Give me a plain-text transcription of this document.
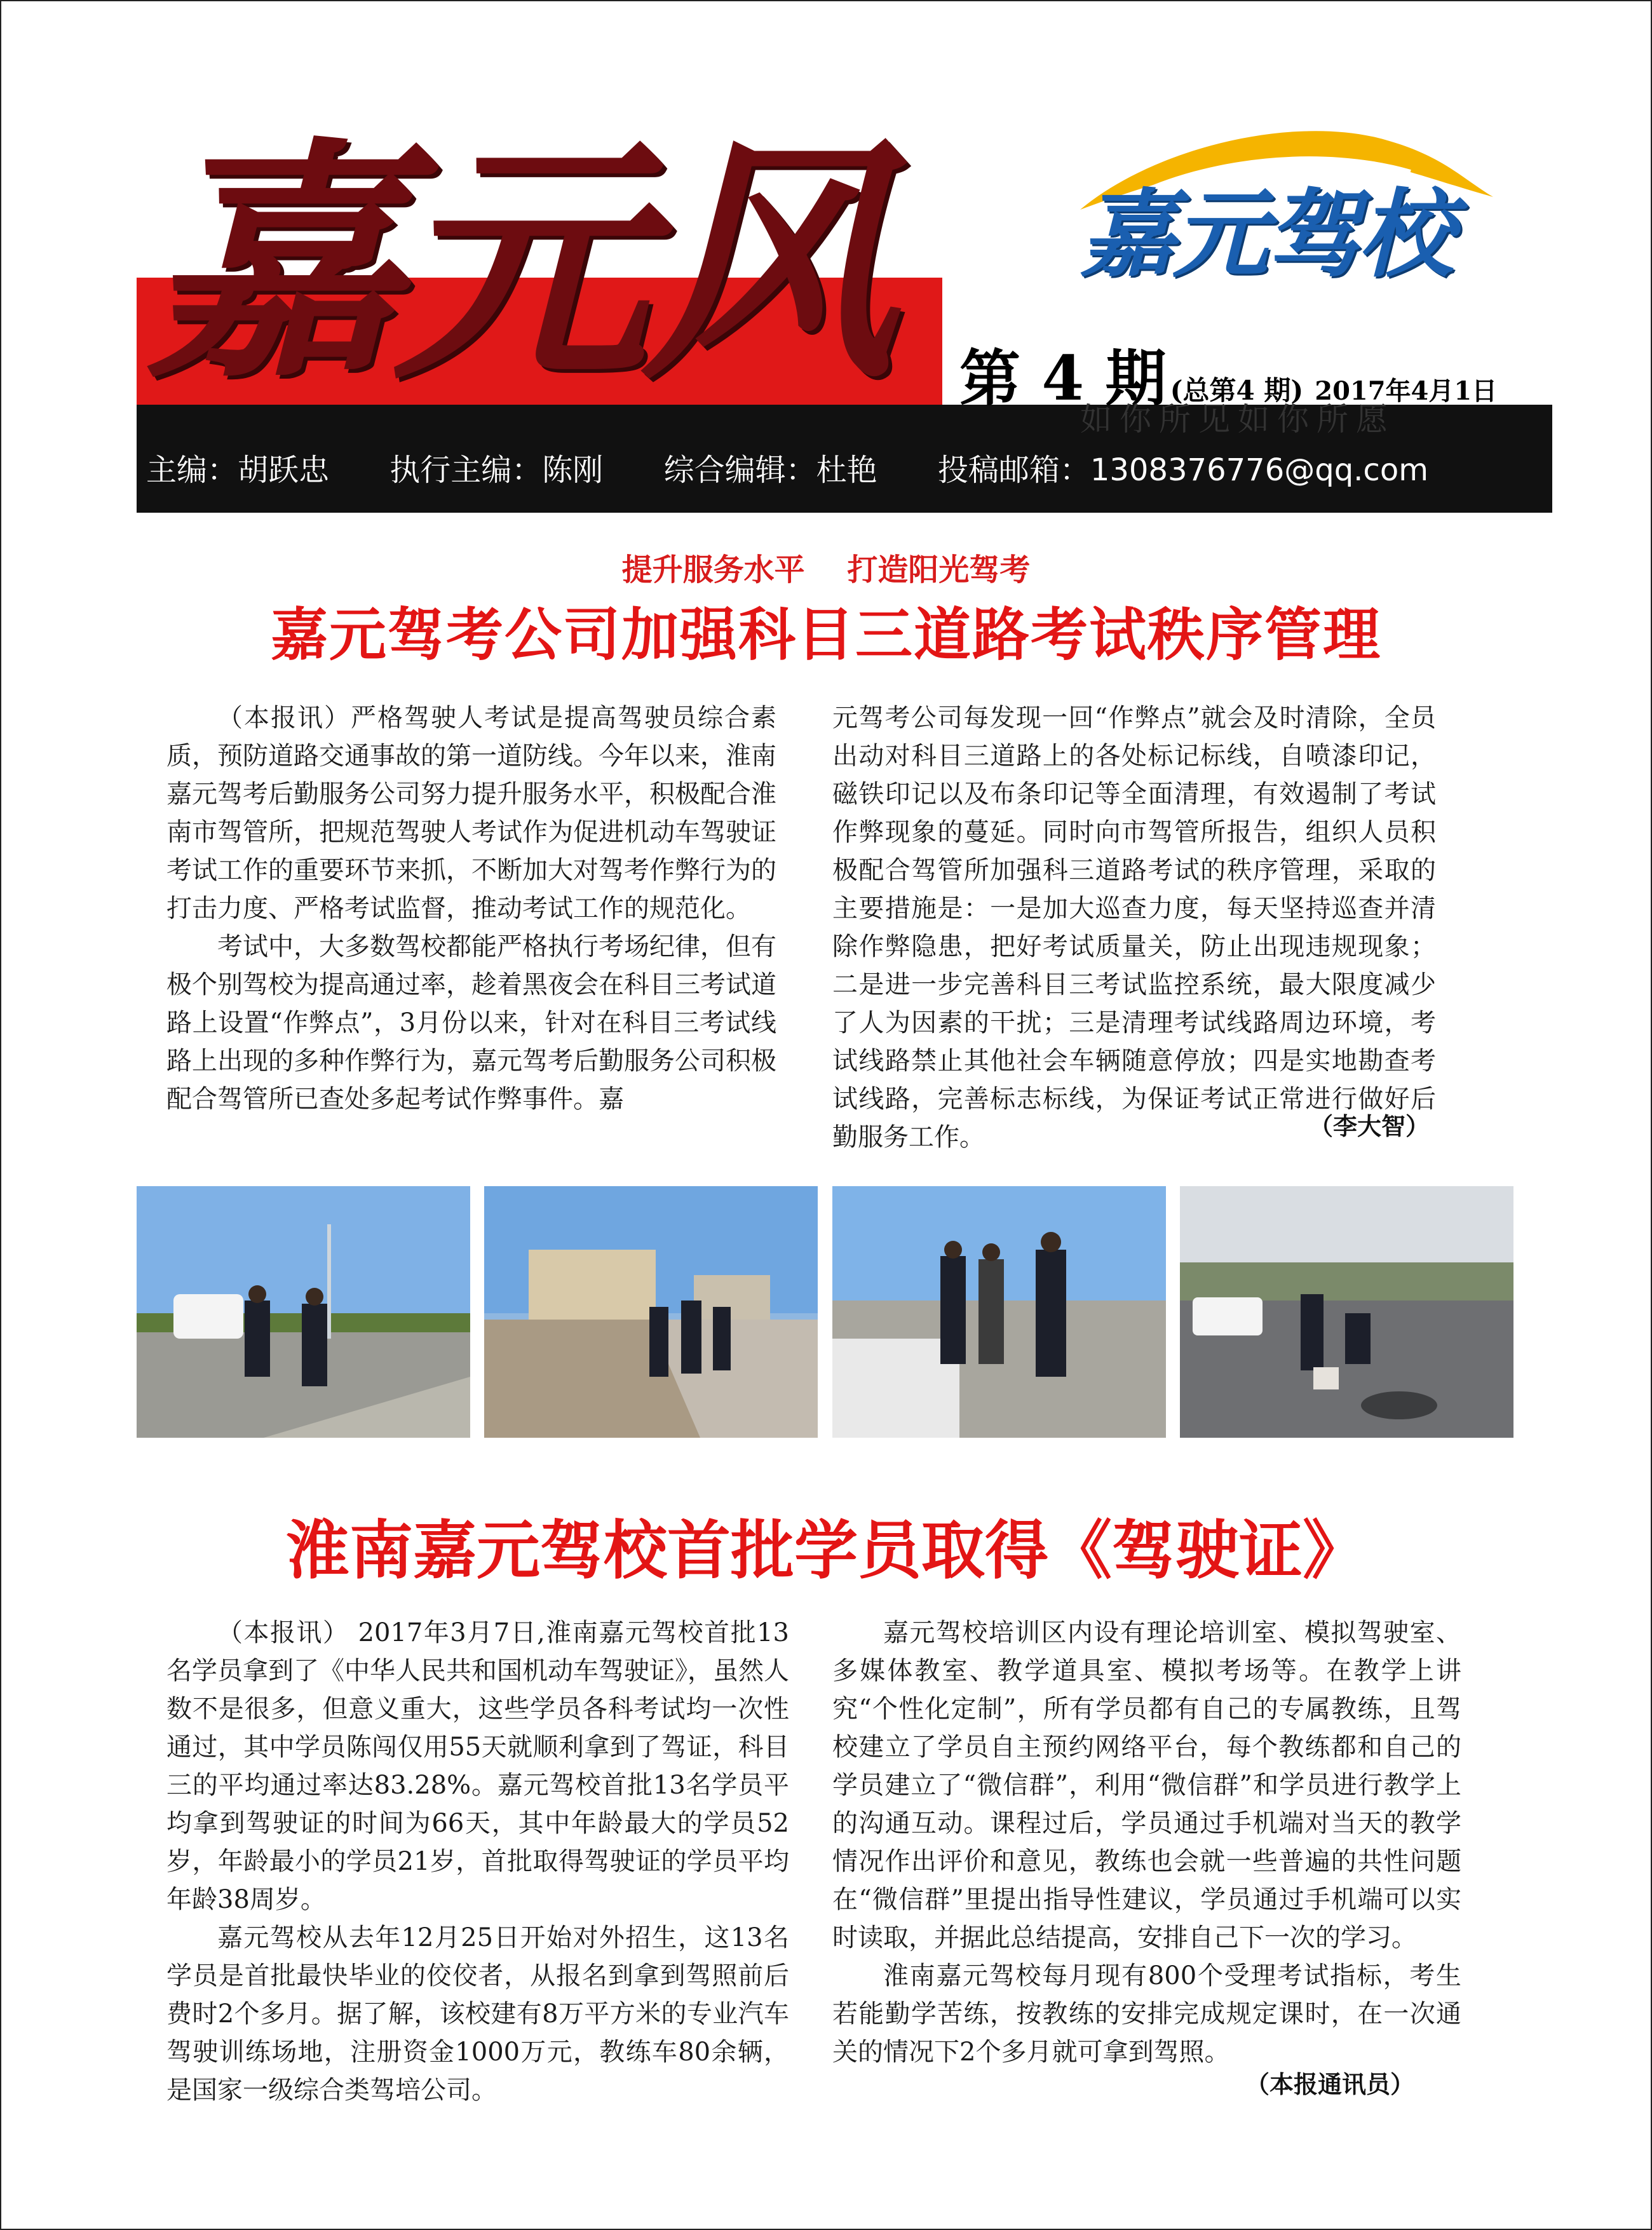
嘉元风	第 4 期 (总第4 期) 2017年4月1日
主编：胡跃忠 执行主编：陈刚 综合编辑：杜艳 投稿邮箱：1308376776@qq.com
嘉元驾校
如你所见如你所愿
提升服务水平    打造阳光驾考
嘉元驾考公司加强科目三道路考试秩序管理

（本报讯）严格驾驶人考试是提高驾驶员综合素质，预防道路交通事故的第一道防线。今年以来，淮南嘉元驾考后勤服务公司努力提升服务水平，积极配合淮南市驾管所，把规范驾驶人考试作为促进机动车驾驶证考试工作的重要环节来抓，不断加大对驾考作弊行为的打击力度、严格考试监督，推动考试工作的规范化。

考试中，大多数驾校都能严格执行考场纪律，但有极个别驾校为提高通过率，趁着黑夜会在科目三考试道路上设置“作弊点”，3月份以来，针对在科目三考试线路上出现的多种作弊行为，嘉元驾考后勤服务公司积极配合驾管所已查处多起考试作弊事件。嘉

元驾考公司每发现一回“作弊点”就会及时清除，全员出动对科目三道路上的各处标记标线，自喷漆印记，磁铁印记以及布条印记等全面清理，有效遏制了考试作弊现象的蔓延。同时向市驾管所报告，组织人员积极配合驾管所加强科三道路考试的秩序管理，采取的主要措施是：一是加大巡查力度，每天坚持巡查并清除作弊隐患，把好考试质量关，防止出现违规现象；二是进一步完善科目三考试监控系统，最大限度减少了人为因素的干扰；三是清理考试线路周边环境，考试线路禁止其他社会车辆随意停放；四是实地勘查考试线路，完善标志标线，为保证考试正常进行做好后勤服务工作。	（李大智）
淮南嘉元驾校首批学员取得《驾驶证》

（本报讯） 2017年3月7日,淮南嘉元驾校首批13名学员拿到了《中华人民共和国机动车驾驶证》，虽然人数不是很多，但意义重大，这些学员各科考试均一次性通过，其中学员陈闯仅用55天就顺利拿到了驾证，科目三的平均通过率达83.28%。嘉元驾校首批13名学员平均拿到驾驶证的时间为66天，其中年龄最大的学员52岁，年龄最小的学员21岁，首批取得驾驶证的学员平均年龄38周岁。

嘉元驾校从去年12月25日开始对外招生，这13名学员是首批最快毕业的佼佼者，从报名到拿到驾照前后费时2个多月。据了解，该校建有8万平方米的专业汽车驾驶训练场地，注册资金1000万元，教练车80余辆，是国家一级综合类驾培公司。

嘉元驾校培训区内设有理论培训室、模拟驾驶室、多媒体教室、教学道具室、模拟考场等。在教学上讲究“个性化定制”，所有学员都有自己的专属教练，且驾校建立了学员自主预约网络平台，每个教练都和自己的学员建立了“微信群”，利用“微信群”和学员进行教学上的沟通互动。课程过后，学员通过手机端对当天的教学情况作出评价和意见，教练也会就一些普遍的共性问题在“微信群”里提出指导性建议，学员通过手机端可以实时读取，并据此总结提高，安排自己下一次的学习。

淮南嘉元驾校每月现有800个受理考试指标，考生若能勤学苦练，按教练的安排完成规定课时，在一次通关的情况下2个多月就可拿到驾照。

（本报通讯员）
